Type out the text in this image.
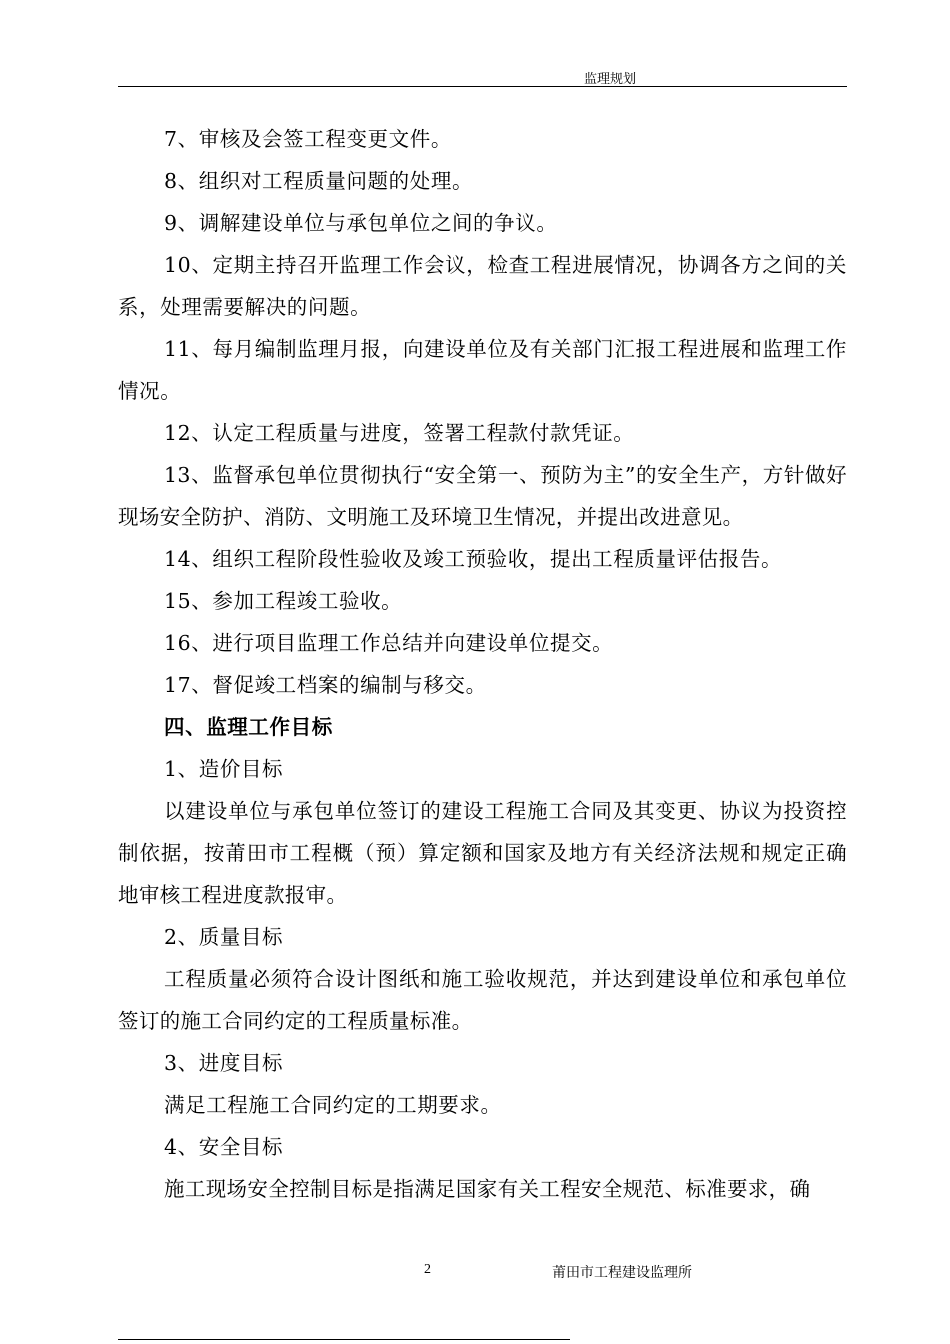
监理规划

7、审核及会签工程变更文件。

8、组织对工程质量问题的处理。

9、调解建设单位与承包单位之间的争议。

10、定期主持召开监理工作会议，检查工程进展情况，协调各方之间的关系，处理需要解决的问题。

11、每月编制监理月报，向建设单位及有关部门汇报工程进展和监理工作情况。

12、认定工程质量与进度，签署工程款付款凭证。

13、监督承包单位贯彻执行“安全第一、预防为主”的安全生产，方针做好现场安全防护、消防、文明施工及环境卫生情况，并提出改进意见。

14、组织工程阶段性验收及竣工预验收，提出工程质量评估报告。

15、参加工程竣工验收。

16、进行项目监理工作总结并向建设单位提交。

17、督促竣工档案的编制与移交。

四、监理工作目标

1、造价目标

以建设单位与承包单位签订的建设工程施工合同及其变更、协议为投资控制依据，按莆田市工程概（预）算定额和国家及地方有关经济法规和规定正确地审核工程进度款报审。

2、质量目标

工程质量必须符合设计图纸和施工验收规范，并达到建设单位和承包单位签订的施工合同约定的工程质量标准。

3、进度目标

满足工程施工合同约定的工期要求。

4、安全目标

施工现场安全控制目标是指满足国家有关工程安全规范、标准要求，确

2	莆田市工程建设监理所
